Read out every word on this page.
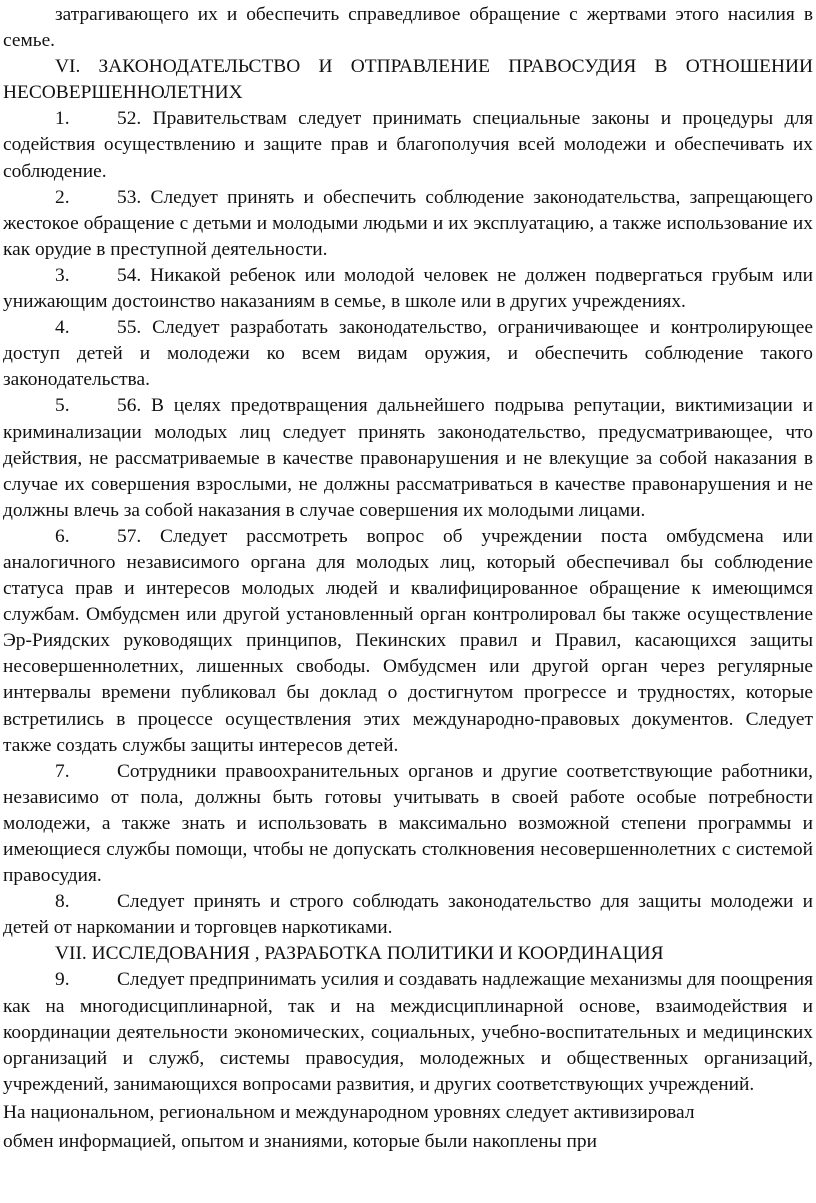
затрагивающего их и обеспечить справедливое обращение с жертвами этого насилия в семье.

VI. ЗАКОНОДАТЕЛЬСТВО И ОТПРАВЛЕНИЕ ПРАВОСУДИЯ В ОТНОШЕНИИ НЕСОВЕРШЕННОЛЕТНИХ

1. 52. Правительствам следует принимать специальные законы и процедуры для содействия осуществлению и защите прав и благополучия всей молодежи и обеспечивать их соблюдение.

2. 53. Следует принять и обеспечить соблюдение законодательства, запрещающего жестокое обращение с детьми и молодыми людьми и их эксплуатацию, а также использование их как орудие в преступной деятельности.

3. 54. Никакой ребенок или молодой человек не должен подвергаться грубым или унижающим достоинство наказаниям в семье, в школе или в других учреждениях.

4. 55. Следует разработать законодательство, ограничивающее и контролирующее доступ детей и молодежи ко всем видам оружия, и обеспечить соблюдение такого законодательства.

5. 56. В целях предотвращения дальнейшего подрыва репутации, виктимизации и криминализации молодых лиц следует принять законодательство, предусматривающее, что действия, не рассматриваемые в качестве правонарушения и не влекущие за собой наказания в случае их совершения взрослыми, не должны рассматриваться в качестве правонарушения и не должны влечь за собой наказания в случае совершения их молодыми лицами.

6. 57. Следует рассмотреть вопрос об учреждении поста омбудсмена или аналогичного независимого органа для молодых лиц, который обеспечивал бы соблюдение статуса прав и интересов молодых людей и квалифицированное обращение к имеющимся службам. Омбудсмен или другой установленный орган контролировал бы также осуществление Эр-Риядских руководящих принципов, Пекинских правил и Правил, касающихся защиты несовершеннолетних, лишенных свободы. Омбудсмен или другой орган через регулярные интервалы времени публиковал бы доклад о достигнутом прогрессе и трудностях, которые встретились в процессе осуществления этих международно-правовых документов. Следует также создать службы защиты интересов детей.

7. Сотрудники правоохранительных органов и другие соответствующие работники, независимо от пола, должны быть готовы учитывать в своей работе особые потребности молодежи, а также знать и использовать в максимально возможной степени программы и имеющиеся службы помощи, чтобы не допускать столкновения несовершеннолетних с системой правосудия.

8. Следует принять и строго соблюдать законодательство для защиты молодежи и детей от наркомании и торговцев наркотиками.

VII. ИССЛЕДОВАНИЯ , РАЗРАБОТКА ПОЛИТИКИ И КООРДИНАЦИЯ

9. Следует предпринимать усилия и создавать надлежащие механизмы для поощрения как на многодисциплинарной, так и на междисциплинарной основе, взаимодействия и координации деятельности экономических, социальных, учебно-воспитательных и медицинских организаций и служб, системы правосудия, молодежных и общественных организаций, учреждений, занимающихся вопросами развития, и других соответствующих учреждений.

На национальном, региональном и международном уровнях следует активизировал

обмен информацией, опытом и знаниями, которые были накоплены при
